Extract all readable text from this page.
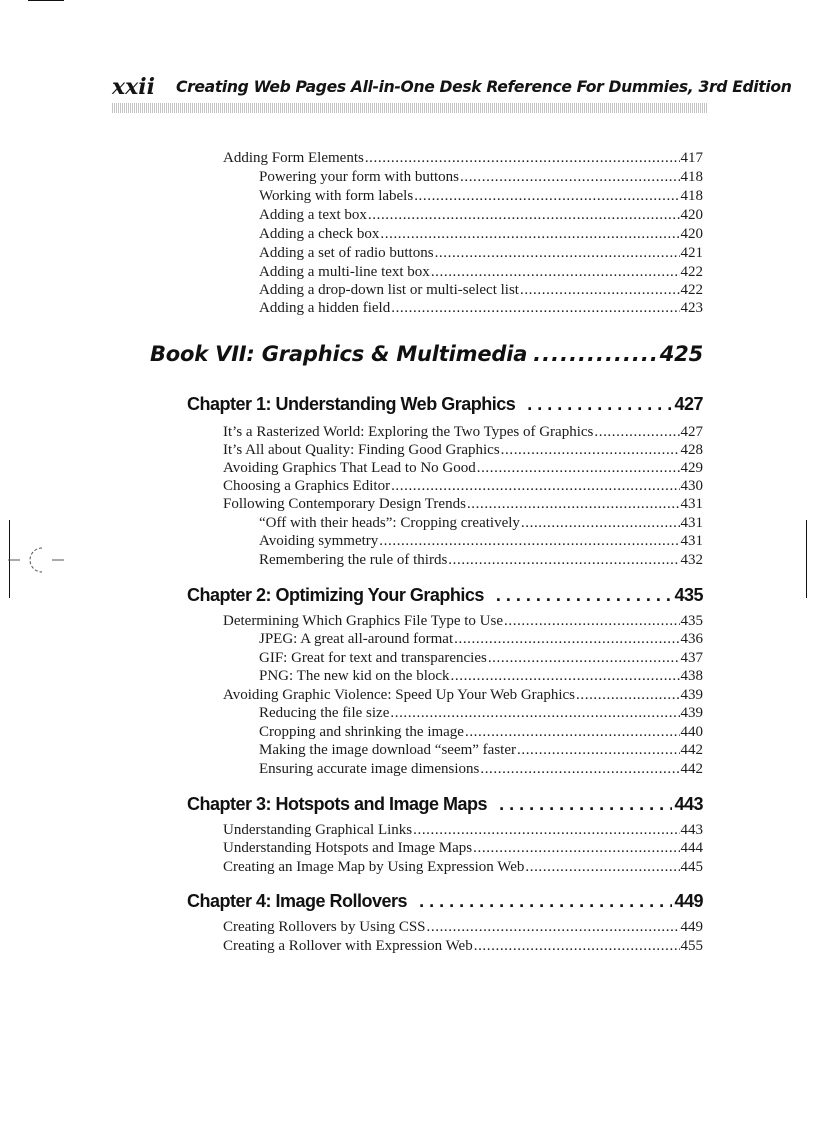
xxii Creating Web Pages All-in-One Desk Reference For Dummies, 3rd Edition
Adding Form Elements .....	417
Powering your form with buttons .....	418
Working with form labels .....	418
Adding a text box .....	420
Adding a check box .....	420
Adding a set of radio buttons .....	421
Adding a multi-line text box .....	422
Adding a drop-down list or multi-select list .....	422
Adding a hidden field .....	423
Book VII: Graphics & Multimedia .....	425
Chapter 1: Understanding Web Graphics . . .	427
It’s a Rasterized World: Exploring the Two Types of Graphics .....	427
It’s All about Quality: Finding Good Graphics .....	428
Avoiding Graphics That Lead to No Good .....	429
Choosing a Graphics Editor .....	430
Following Contemporary Design Trends .....	431
“Off with their heads”: Cropping creatively .....	431
Avoiding symmetry .....	431
Remembering the rule of thirds .....	432
Chapter 2: Optimizing Your Graphics . . .	435
Determining Which Graphics File Type to Use .....	435
JPEG: A great all-around format .....	436
GIF: Great for text and transparencies .....	437
PNG: The new kid on the block .....	438
Avoiding Graphic Violence: Speed Up Your Web Graphics .....	439
Reducing the file size .....	439
Cropping and shrinking the image .....	440
Making the image download “seem” faster .....	442
Ensuring accurate image dimensions .....	442
Chapter 3: Hotspots and Image Maps . . .	443
Understanding Graphical Links .....	443
Understanding Hotspots and Image Maps .....	444
Creating an Image Map by Using Expression Web .....	445
Chapter 4: Image Rollovers . . .	449
Creating Rollovers by Using CSS .....	449
Creating a Rollover with Expression Web .....	455
